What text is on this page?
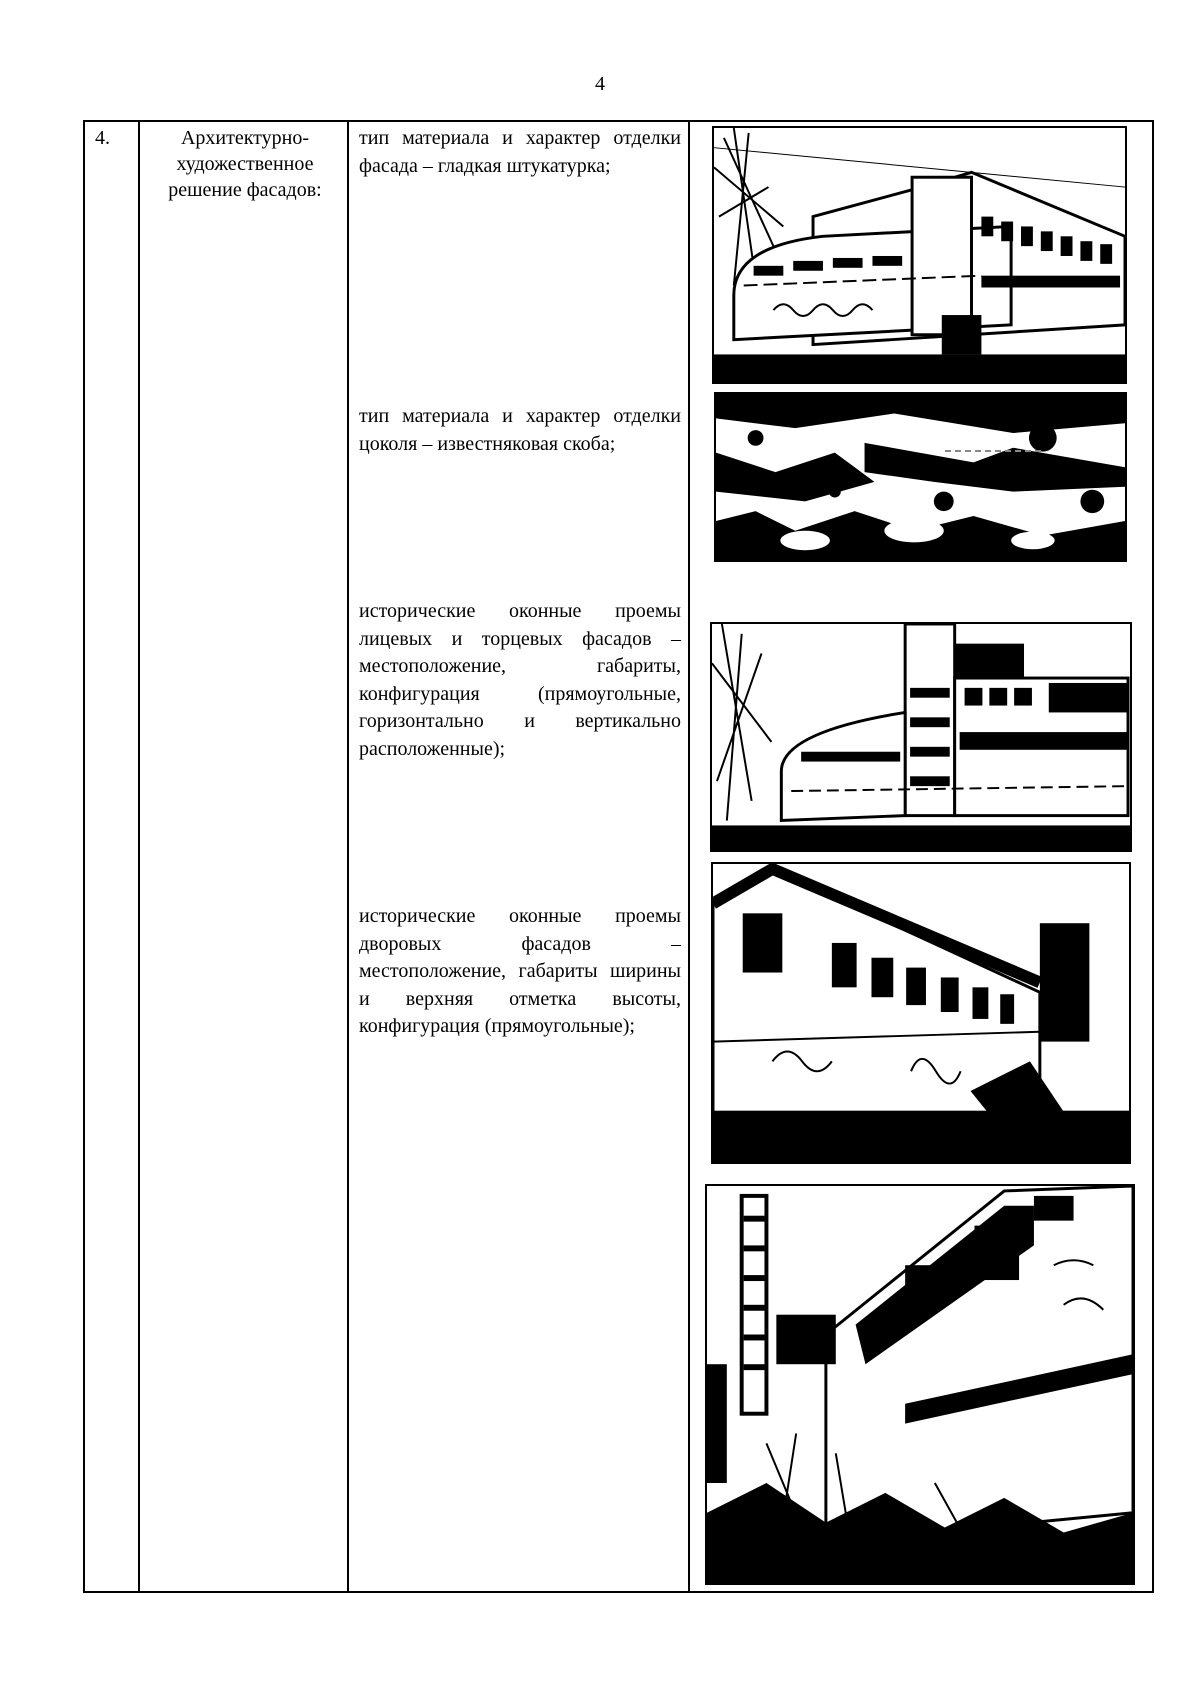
4
4.	Архитектурно-художественное решение фасадов:
тип материала и характер отделки фасада – гладкая штукатурка;
тип материала и характер отделки цоколя – известняковая скоба;
исторические оконные проемы лицевых и торцевых фасадов – местоположение, габариты, конфигурация (прямоугольные, горизонтально и вертикально расположенные);
исторические оконные проемы дворовых фасадов – местоположение, габариты ширины и верхняя отметка высоты, конфигурация (прямоугольные);
